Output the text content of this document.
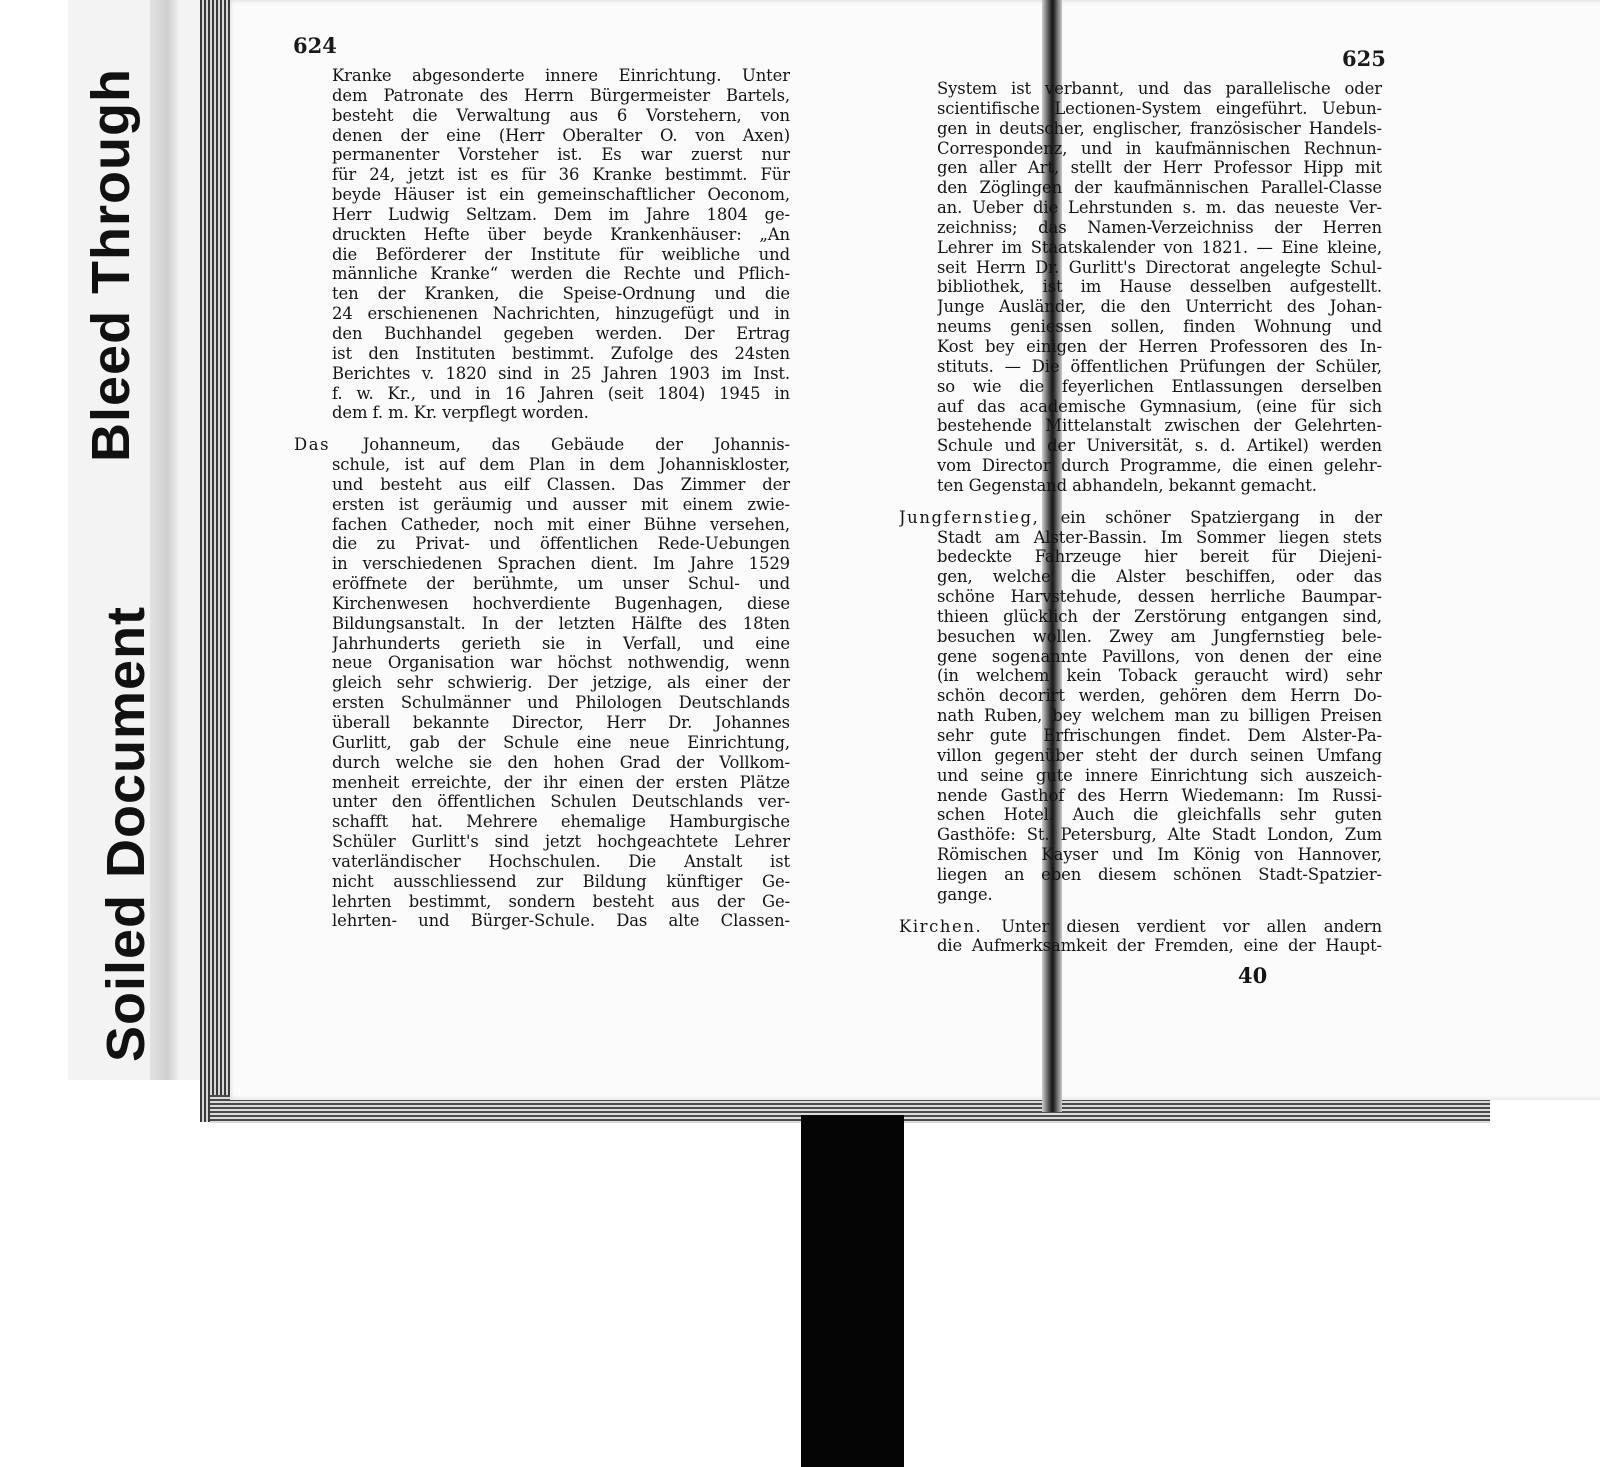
Soiled Document
Bleed Through
624
625
40
Kranke abgesonderte innere Einrichtung. Unter
dem Patronate des Herrn Bürgermeister Bartels,
besteht die Verwaltung aus 6 Vorstehern, von
denen der eine (Herr Oberalter O. von Axen)
permanenter Vorsteher ist. Es war zuerst nur
für 24, jetzt ist es für 36 Kranke bestimmt. Für
beyde Häuser ist ein gemeinschaftlicher Oeconom,
Herr Ludwig Seltzam. Dem im Jahre 1804 ge-
druckten Hefte über beyde Krankenhäuser: „An
die Beförderer der Institute für weibliche und
männliche Kranke“ werden die Rechte und Pflich-
ten der Kranken, die Speise-Ordnung und die
24 erschienenen Nachrichten, hinzugefügt und in
den Buchhandel gegeben werden. Der Ertrag
ist den Instituten bestimmt. Zufolge des 24sten
Berichtes v. 1820 sind in 25 Jahren 1903 im Inst.
f. w. Kr., und in 16 Jahren (seit 1804) 1945 in
dem f. m. Kr. verpflegt worden.
Das Johanneum, das Gebäude der Johannis-
schule, ist auf dem Plan in dem Johanniskloster,
und besteht aus eilf Classen. Das Zimmer der
ersten ist geräumig und ausser mit einem zwie-
fachen Catheder, noch mit einer Bühne versehen,
die zu Privat- und öffentlichen Rede-Uebungen
in verschiedenen Sprachen dient. Im Jahre 1529
eröffnete der berühmte, um unser Schul- und
Kirchenwesen hochverdiente Bugenhagen, diese
Bildungsanstalt. In der letzten Hälfte des 18ten
Jahrhunderts gerieth sie in Verfall, und eine
neue Organisation war höchst nothwendig, wenn
gleich sehr schwierig. Der jetzige, als einer der
ersten Schulmänner und Philologen Deutschlands
überall bekannte Director, Herr Dr. Johannes
Gurlitt, gab der Schule eine neue Einrichtung,
durch welche sie den hohen Grad der Vollkom-
menheit erreichte, der ihr einen der ersten Plätze
unter den öffentlichen Schulen Deutschlands ver-
schafft hat. Mehrere ehemalige Hamburgische
Schüler Gurlitt's sind jetzt hochgeachtete Lehrer
vaterländischer Hochschulen. Die Anstalt ist
nicht ausschliessend zur Bildung künftiger Ge-
lehrten bestimmt, sondern besteht aus der Ge-
lehrten- und Bürger-Schule. Das alte Classen-
System ist verbannt, und das parallelische oder
scientifische Lectionen-System eingeführt. Uebun-
gen in deutscher, englischer, französischer Handels-
Correspondenz, und in kaufmännischen Rechnun-
gen aller Art, stellt der Herr Professor Hipp mit
den Zöglingen der kaufmännischen Parallel-Classe
an. Ueber die Lehrstunden s. m. das neueste Ver-
zeichniss; das Namen-Verzeichniss der Herren
Lehrer im Staatskalender von 1821. — Eine kleine,
seit Herrn Dr. Gurlitt's Directorat angelegte Schul-
bibliothek, ist im Hause desselben aufgestellt.
Junge Ausländer, die den Unterricht des Johan-
neums geniessen sollen, finden Wohnung und
Kost bey einigen der Herren Professoren des In-
stituts. — Die öffentlichen Prüfungen der Schüler,
so wie die feyerlichen Entlassungen derselben
auf das academische Gymnasium, (eine für sich
bestehende Mittelanstalt zwischen der Gelehrten-
Schule und der Universität, s. d. Artikel) werden
vom Director durch Programme, die einen gelehr-
ten Gegenstand abhandeln, bekannt gemacht.
Jungfernstieg, ein schöner Spatziergang in der
Stadt am Alster-Bassin. Im Sommer liegen stets
bedeckte Fahrzeuge hier bereit für Diejeni-
gen, welche die Alster beschiffen, oder das
schöne Harvstehude, dessen herrliche Baumpar-
thieen glücklich der Zerstörung entgangen sind,
besuchen wollen. Zwey am Jungfernstieg bele-
gene sogenannte Pavillons, von denen der eine
(in welchem kein Toback geraucht wird) sehr
schön decorirt werden, gehören dem Herrn Do-
nath Ruben, bey welchem man zu billigen Preisen
sehr gute Erfrischungen findet. Dem Alster-Pa-
villon gegenüber steht der durch seinen Umfang
und seine gute innere Einrichtung sich auszeich-
nende Gasthof des Herrn Wiedemann: Im Russi-
schen Hotel. Auch die gleichfalls sehr guten
Gasthöfe: St. Petersburg, Alte Stadt London, Zum
Römischen Kayser und Im König von Hannover,
liegen an eben diesem schönen Stadt-Spatzier-
gange.
Kirchen. Unter diesen verdient vor allen andern
die Aufmerksamkeit der Fremden, eine der Haupt-
